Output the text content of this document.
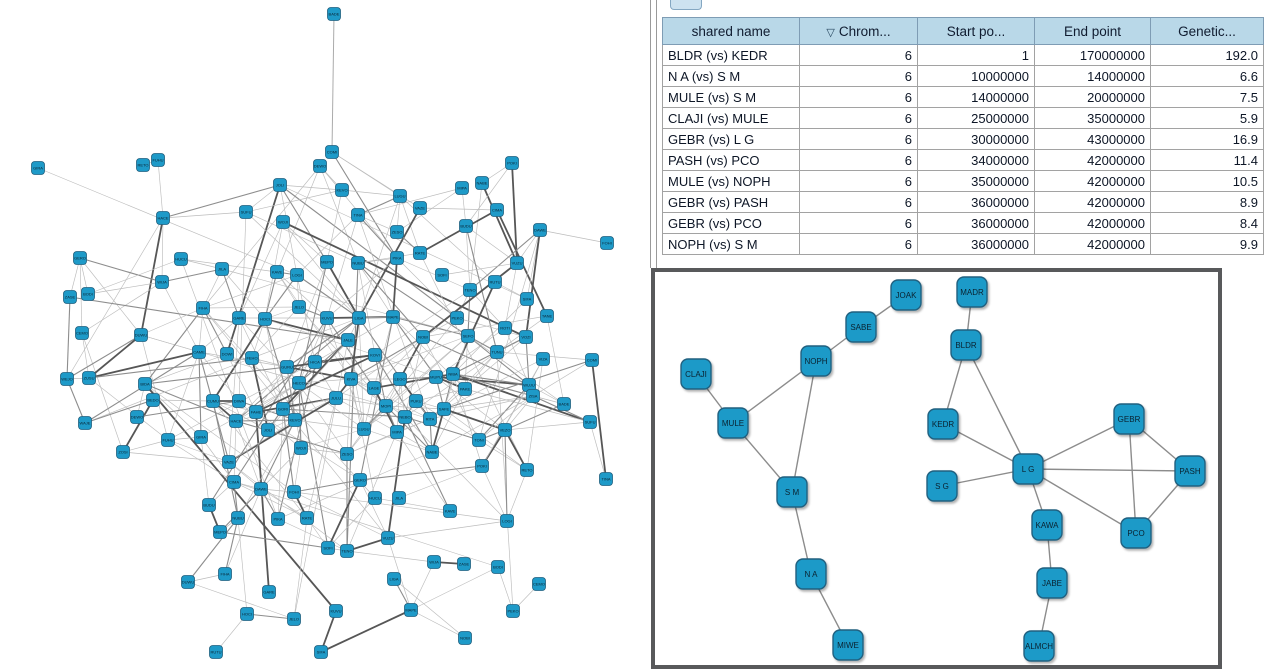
BADE
COMI
DEWO
FUHU
GIRA
HACE
JOLI
KEVO
LUGU
MIPA
NABE
POKI
RETO
SUFU
TINA
VAZE
WOJI
ZESO
BUDU
CIMA
DAWE
FOHI
GERO	HUCU
JILA
KAVE
LOGI
MEPO	NUBU
PIKA
RATE
SOFI
TENO
VUZU
WIJA
ZASE
BODI
CEMO	DUWU
FIHA
GARE	HOCI
JELO
KUVU	LIGA	MAPE
NOBI
PEKO
RUTU
SIFA
TANE
VOZI
WEJO	ZUSU
BIDA
CAME	DOWI
FEHO
GURU
HICA
JALE
KOVI
LEGO	MUPU
NIBA
PAKE
ROTI
SEFO
TUNU
VIZA
WAJE
ZOSI
BEDO	CUMU	DIWA
FAHE
GORI
HECO
JULU
KIVA
LAGE
MOPI
NEBO
PUKU
RITA
SAFE
TONI
VEZO
WUJU
ZISA
BADE
COMI
DEWO
FUHU
GIRA
HACE
JOLI
KEVO
LUGU
MIPA
NABE
POKI
RETO
SUFU
TINA
VAZE
WOJI
ZESO
BUDU
CIMA
DAWE
FOHI
GERO
HUCU	JILA
KAVE
LOGI
MEPO
NUBU	PIKA	RATE
SOFI
TENO
VUZU
WIJA	ZASE
BODI
CEMO
DUWU
FIHA
GARE
HOCI
JELO
KUVU
LIGA
MAPE
NOBI
PEKO
RUTU	SIFA
shared name	▽ Chrom...	Start po...	End point	Genetic...
BLDR (vs) KEDR	6	1	170000000	192.0
N A (vs) S M	6	10000000	14000000	6.6
MULE (vs) S M	6	14000000	20000000	7.5
CLAJI (vs) MULE	6	25000000	35000000	5.9
GEBR (vs) L G	6	30000000	43000000	16.9
PASH (vs) PCO	6	34000000	42000000	11.4
MULE (vs) NOPH	6	35000000	42000000	10.5
GEBR (vs) PASH	6	36000000	42000000	8.9
GEBR (vs) PCO	6	36000000	42000000	8.4
NOPH (vs) S M	6	36000000	42000000	9.9
JOAK	MADR
SABE
BLDR
NOPH
CLAJI
KEDR
GEBR
MULE
L G
S G
PASH
KAWA
PCO
S M
N A
JABE
MIWE	ALMCH
